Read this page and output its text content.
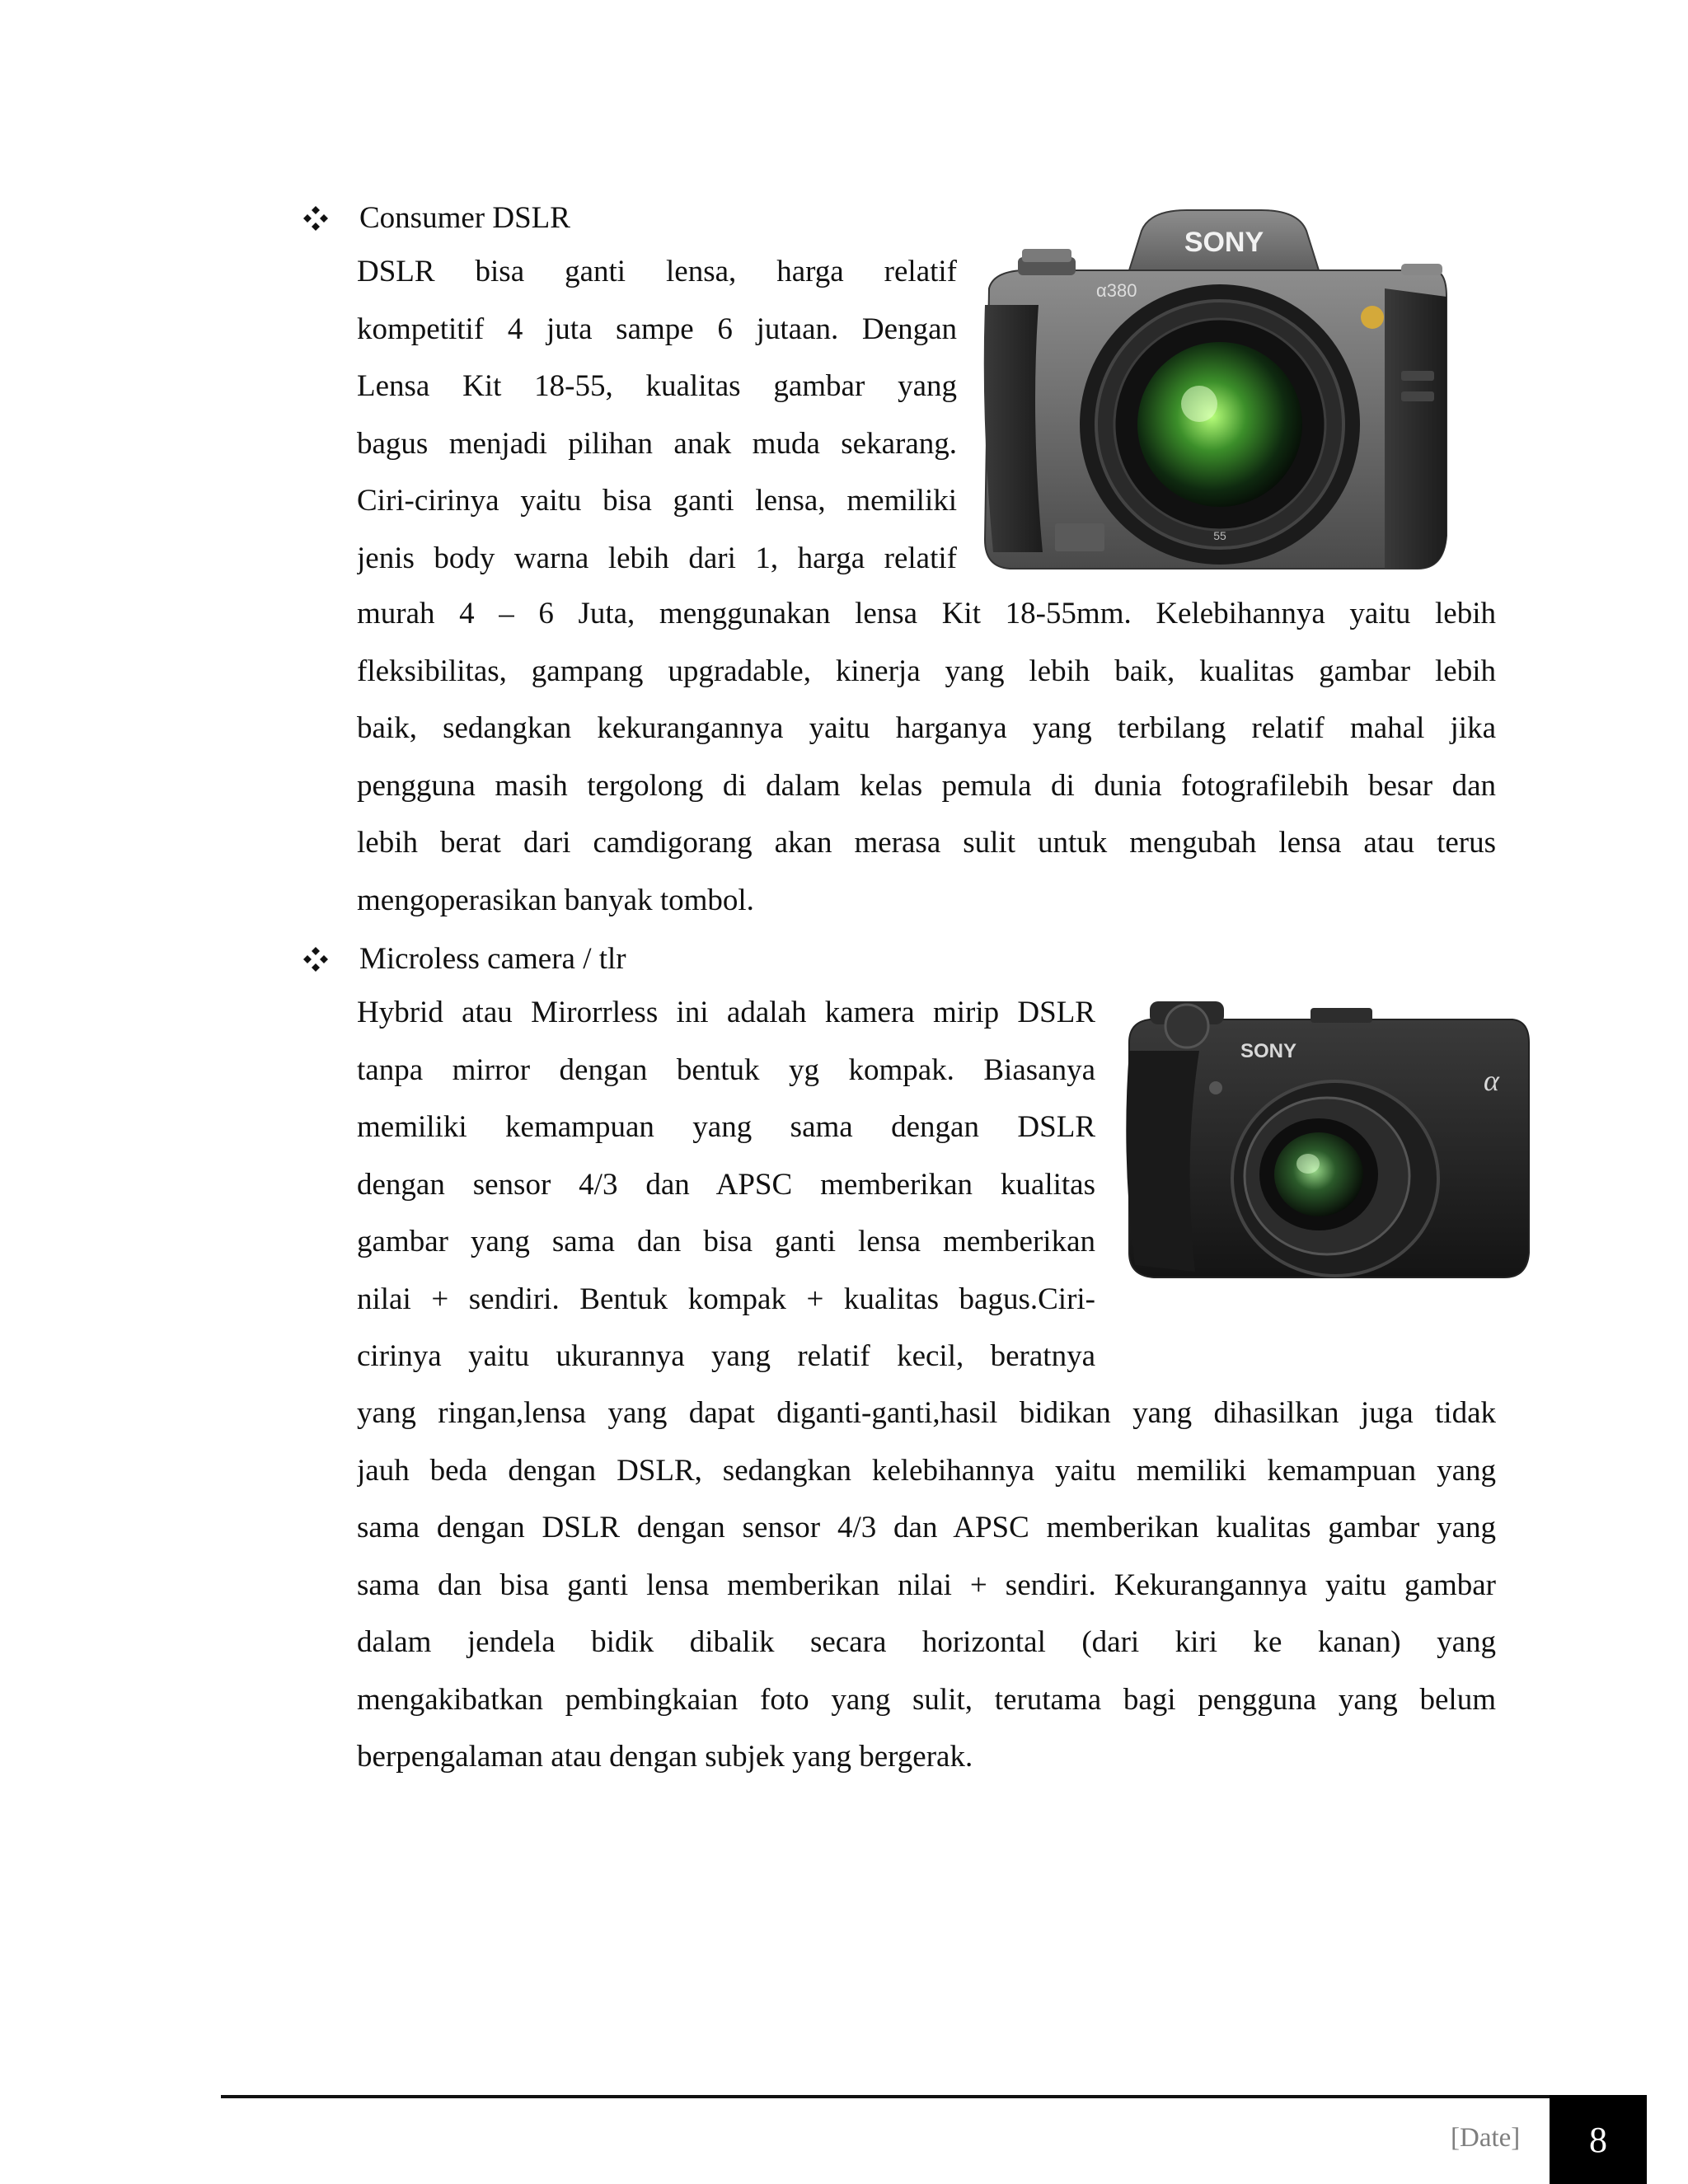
Consumer DSLR
DSLR bisa ganti lensa, harga relatif
kompetitif 4 juta sampe 6 jutaan. Dengan
Lensa Kit 18-55, kualitas gambar yang
bagus menjadi pilihan anak muda sekarang.
Ciri-cirinya yaitu bisa ganti lensa, memiliki
jenis body warna lebih dari 1, harga relatif
SONY
α380
55
murah 4 – 6 Juta, menggunakan lensa Kit 18-55mm. Kelebihannya yaitu lebih
fleksibilitas, gampang upgradable, kinerja yang lebih baik, kualitas gambar lebih
baik, sedangkan kekurangannya yaitu harganya yang terbilang relatif mahal jika
pengguna masih tergolong di dalam kelas pemula di dunia fotografilebih besar dan
lebih berat dari camdigorang akan merasa sulit untuk mengubah lensa atau terus
mengoperasikan banyak tombol.
Microless camera / tlr
Hybrid atau Mirorrless ini adalah kamera mirip DSLR
tanpa mirror dengan bentuk yg kompak. Biasanya
memiliki kemampuan yang sama dengan DSLR
dengan sensor 4/3 dan APSC memberikan kualitas
gambar yang sama dan bisa ganti lensa memberikan
nilai + sendiri. Bentuk kompak + kualitas bagus.Ciri-
cirinya yaitu ukurannya yang relatif kecil, beratnya
SONY
α
yang ringan,lensa yang dapat diganti-ganti,hasil bidikan yang dihasilkan juga tidak
jauh beda dengan DSLR, sedangkan kelebihannya yaitu memiliki kemampuan yang
sama dengan DSLR dengan sensor 4/3 dan APSC memberikan kualitas gambar yang
sama dan bisa ganti lensa memberikan nilai + sendiri. Kekurangannya yaitu gambar
dalam jendela bidik dibalik secara horizontal (dari kiri ke kanan) yang
mengakibatkan pembingkaian foto yang sulit, terutama bagi pengguna yang belum
berpengalaman atau dengan subjek yang bergerak.
[Date] 8
